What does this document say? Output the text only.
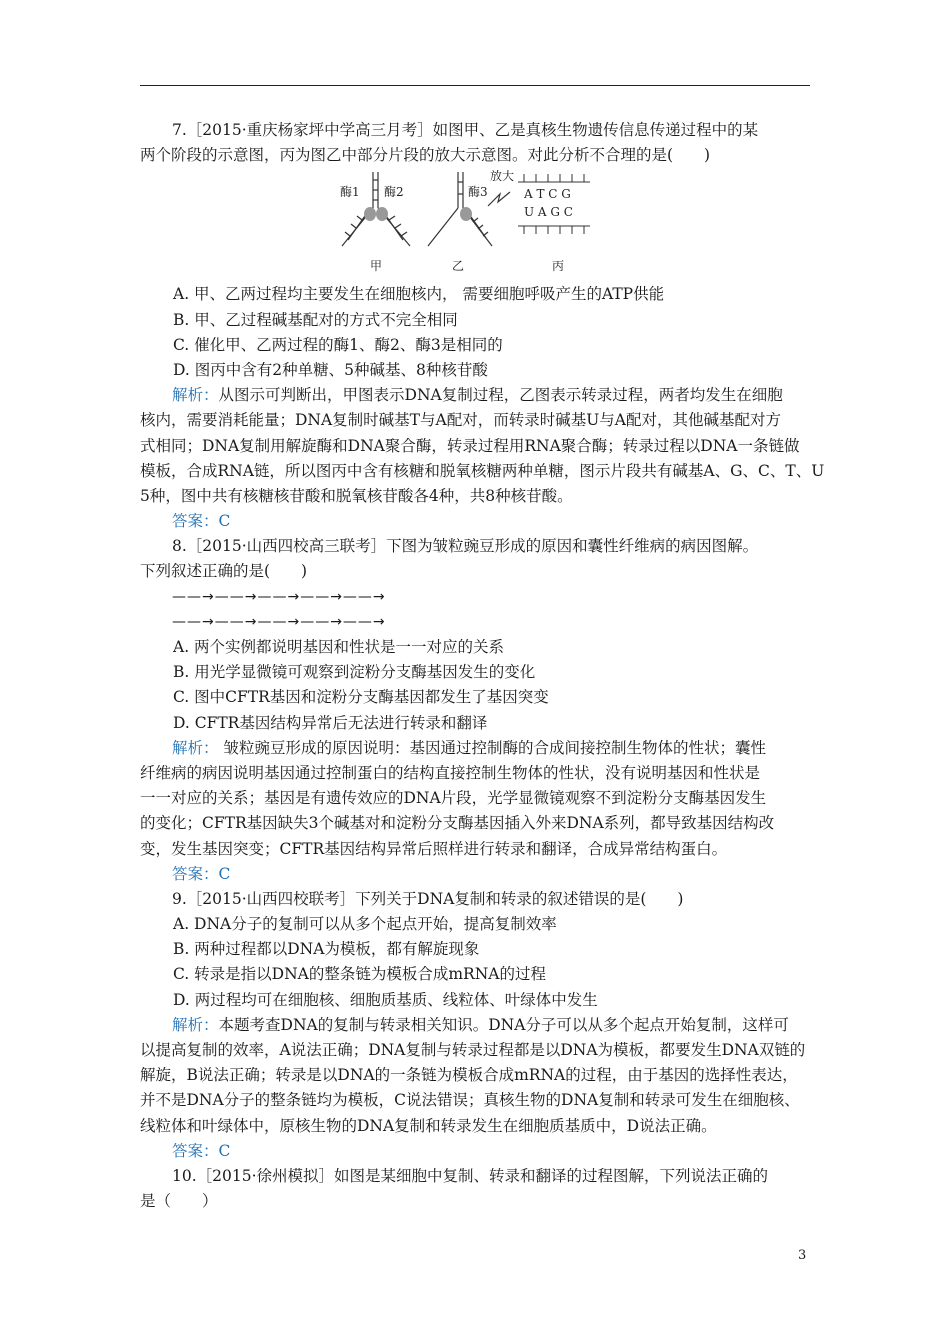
7.［2015·重庆杨家坪中学高三月考］如图甲、乙是真核生物遗传信息传递过程中的某
两个阶段的示意图，丙为图乙中部分片段的放大示意图。对此分析不合理的是(　　)
酶1 酶2	酶3
放大
A T C G
U A G C
甲	乙	丙
A. 甲、乙两过程均主要发生在细胞核内， 需要细胞呼吸产生的ATP供能
B. 甲、乙过程碱基配对的方式不完全相同
C. 催化甲、乙两过程的酶1、酶2、酶3是相同的
D. 图丙中含有2种单糖、5种碱基、8种核苷酸
解析：从图示可判断出，甲图表示DNA复制过程，乙图表示转录过程，两者均发生在细胞
核内，需要消耗能量；DNA复制时碱基T与A配对，而转录时碱基U与A配对，其他碱基配对方
式相同；DNA复制用解旋酶和DNA聚合酶，转录过程用RNA聚合酶；转录过程以DNA一条链做
模板，合成RNA链，所以图丙中含有核糖和脱氧核糖两种单糖，图示片段共有碱基A、G、C、T、U
5种，图中共有核糖核苷酸和脱氧核苷酸各4种，共8种核苷酸。
答案：C
8.［2015·山西四校高三联考］下图为皱粒豌豆形成的原因和囊性纤维病的病因图解。
下列叙述正确的是(　　)
——→——→——→——→——→
——→——→——→——→——→
A. 两个实例都说明基因和性状是一一对应的关系
B. 用光学显微镜可观察到淀粉分支酶基因发生的变化
C. 图中CFTR基因和淀粉分支酶基因都发生了基因突变
D. CFTR基因结构异常后无法进行转录和翻译
解析： 皱粒豌豆形成的原因说明：基因通过控制酶的合成间接控制生物体的性状；囊性
纤维病的病因说明基因通过控制蛋白的结构直接控制生物体的性状，没有说明基因和性状是
一一对应的关系；基因是有遗传效应的DNA片段，光学显微镜观察不到淀粉分支酶基因发生
的变化；CFTR基因缺失3个碱基对和淀粉分支酶基因插入外来DNA系列，都导致基因结构改
变，发生基因突变；CFTR基因结构异常后照样进行转录和翻译，合成异常结构蛋白。
答案：C
9.［2015·山西四校联考］下列关于DNA复制和转录的叙述错误的是(　　)
A. DNA分子的复制可以从多个起点开始，提高复制效率
B. 两种过程都以DNA为模板，都有解旋现象
C. 转录是指以DNA的整条链为模板合成mRNA的过程
D. 两过程均可在细胞核、细胞质基质、线粒体、叶绿体中发生
解析：本题考查DNA的复制与转录相关知识。DNA分子可以从多个起点开始复制，这样可
以提高复制的效率，A说法正确；DNA复制与转录过程都是以DNA为模板，都要发生DNA双链的
解旋，B说法正确；转录是以DNA的一条链为模板合成mRNA的过程，由于基因的选择性表达，
并不是DNA分子的整条链均为模板，C说法错误；真核生物的DNA复制和转录可发生在细胞核、
线粒体和叶绿体中，原核生物的DNA复制和转录发生在细胞质基质中，D说法正确。
答案：C
10.［2015·徐州模拟］如图是某细胞中复制、转录和翻译的过程图解，下列说法正确的
是（　　）
3
